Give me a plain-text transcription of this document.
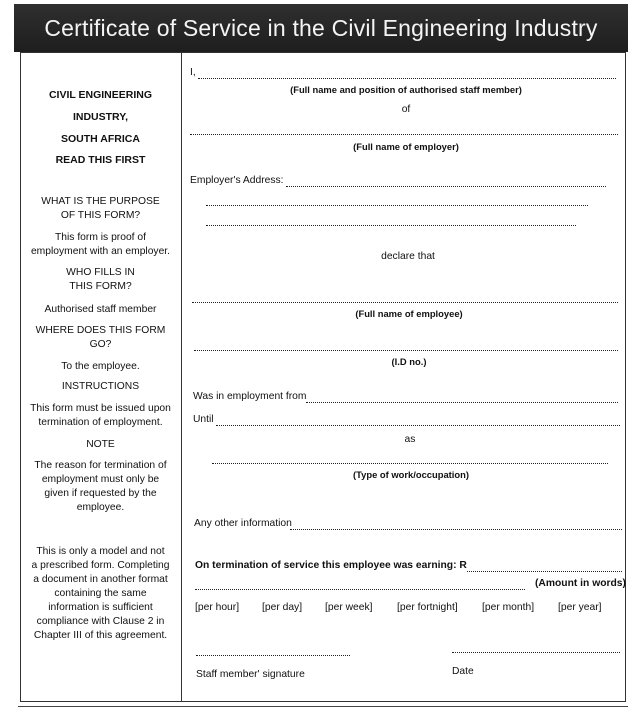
Certificate of Service in the Civil Engineering Industry
CIVIL ENGINEERING
INDUSTRY,
SOUTH AFRICA
READ THIS FIRST
WHAT IS THE PURPOSE
OF THIS FORM?
This form is proof of
employment with an employer.
WHO FILLS IN
THIS FORM?
Authorised staff member
WHERE DOES THIS FORM
GO?
To the employee.
INSTRUCTIONS
This form must be issued upon
termination of employment.
NOTE
The reason for termination of
employment must only be
given if requested by the
employee.
This is only a model and not
a prescribed form. Completing
a document in another format
containing the same
information is sufficient
compliance with Clause 2 in
Chapter III of this agreement.
I,
(Full name and position of authorised staff member)
of
(Full name of employer)
Employer's Address:
declare that
(Full name of employee)
(I.D no.)
Was in employment from
Until
as
(Type of work/occupation)
Any other information
On termination of service this employee was earning: R
(Amount in words)
[per hour] [per day] [per week] [per fortnight] [per month] [per year]
Staff member' signature	Date
